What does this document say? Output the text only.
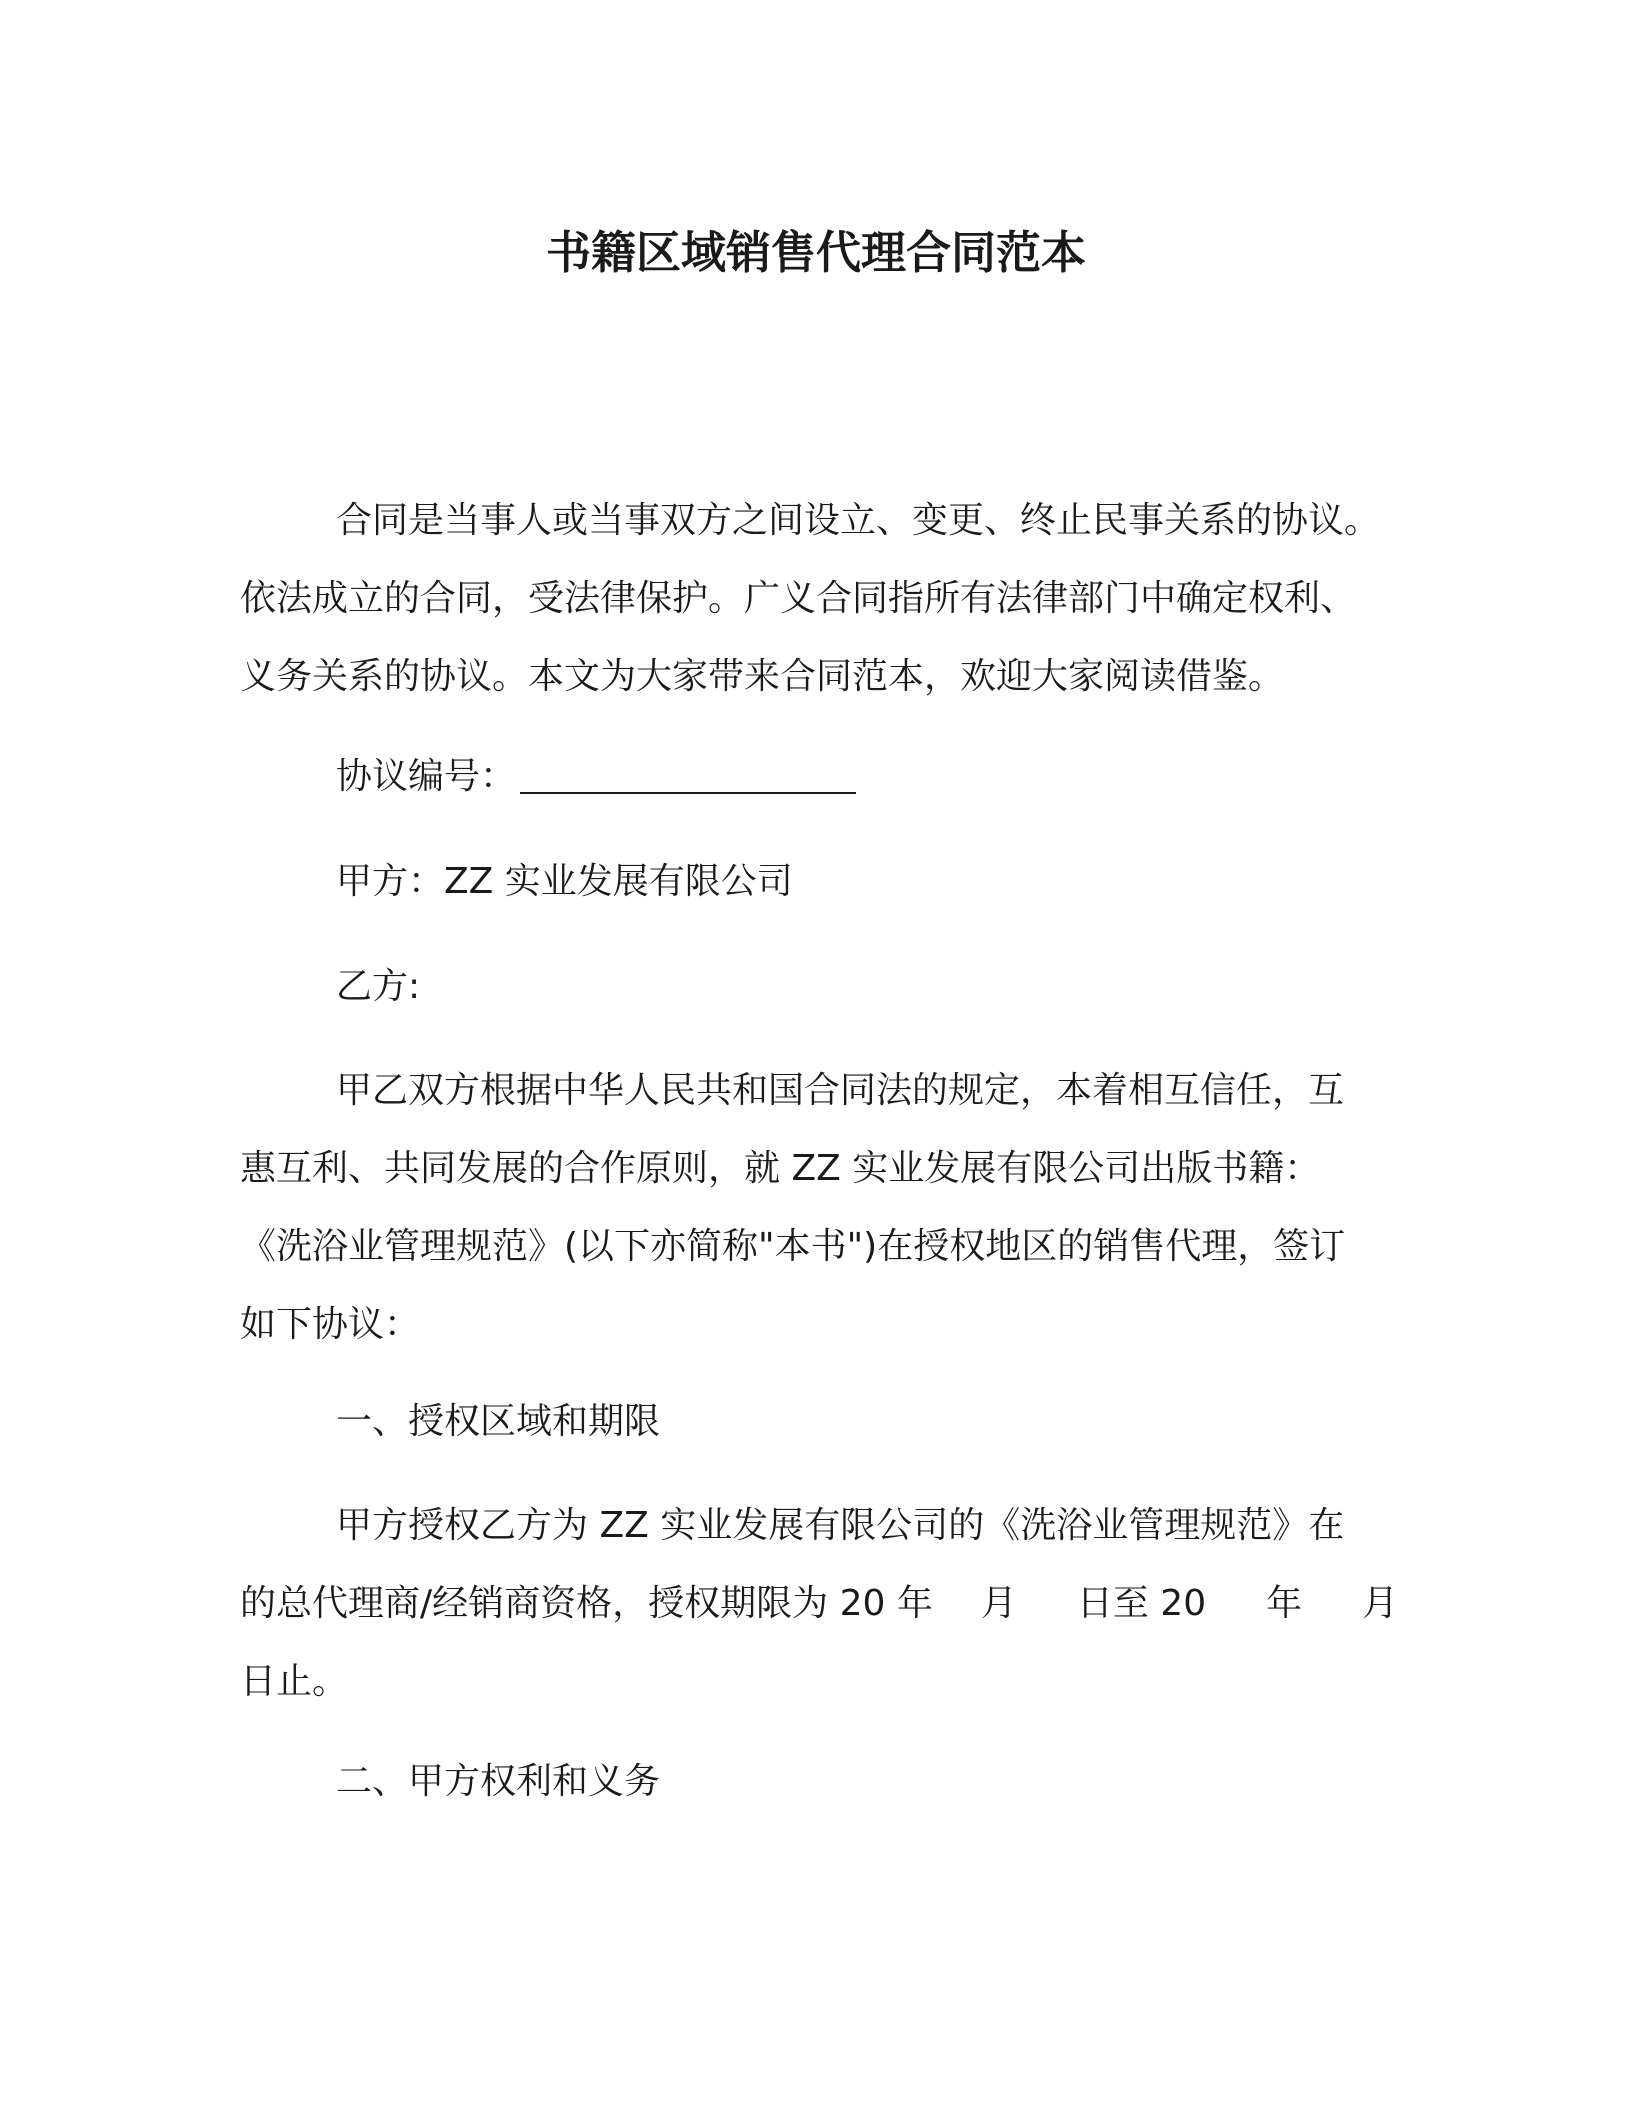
书籍区域销售代理合同范本
合同是当事人或当事双方之间设立、变更、终止民事关系的协议。
依法成立的合同，受法律保护。广义合同指所有法律部门中确定权利、
义务关系的协议。本文为大家带来合同范本，欢迎大家阅读借鉴。
协议编号：
甲方：ZZ 实业发展有限公司
乙方:
甲乙双方根据中华人民共和国合同法的规定，本着相互信任，互
惠互利、共同发展的合作原则，就 ZZ 实业发展有限公司出版书籍：
《洗浴业管理规范》(以下亦简称"本书")在授权地区的销售代理，签订
如下协议：
一、授权区域和期限
甲方授权乙方为 ZZ 实业发展有限公司的《洗浴业管理规范》在
的总代理商/经销商资格，授权期限为 20 年 月 日至 20 年 月
日止。
二、甲方权利和义务
